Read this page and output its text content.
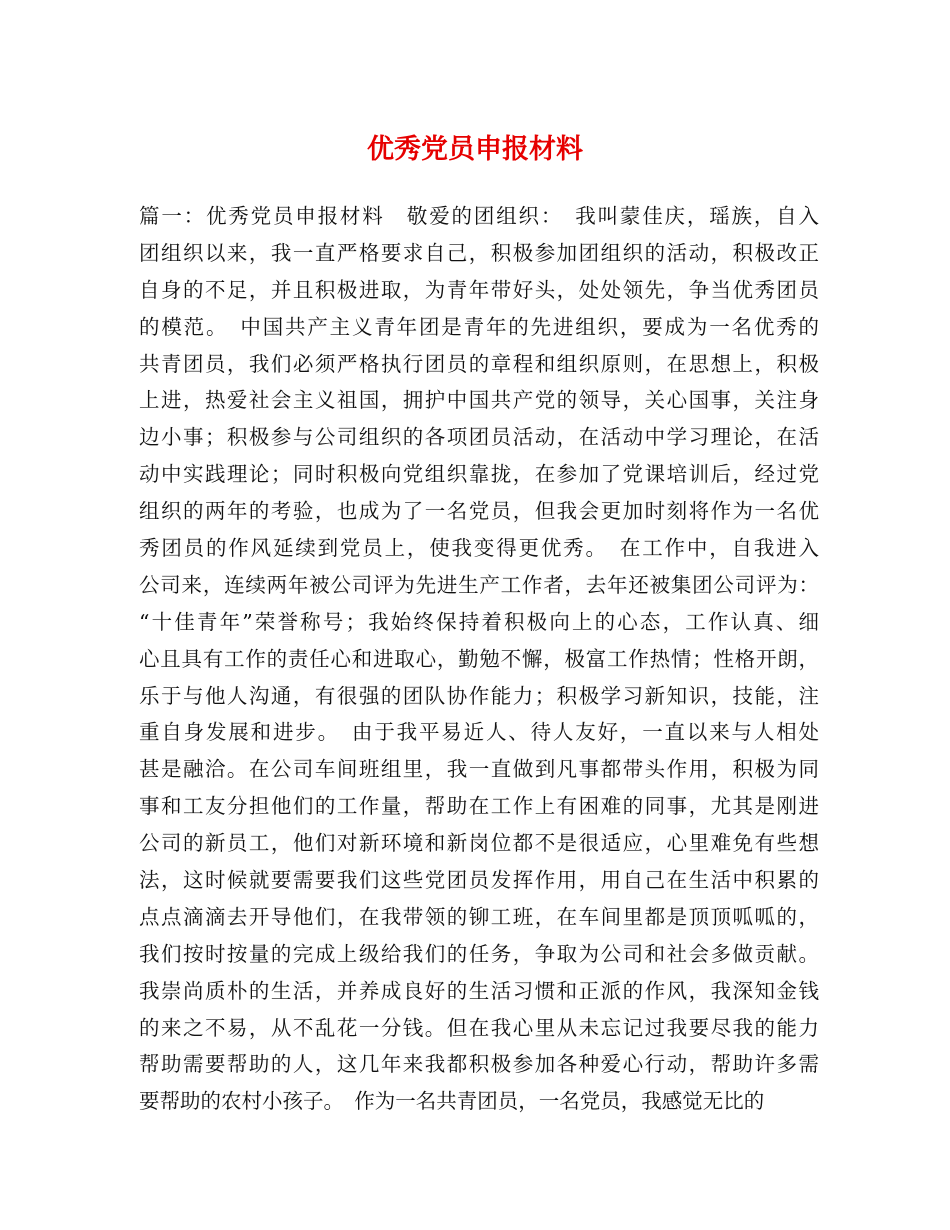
优秀党员申报材料
篇一：优秀党员申报材料　敬爱的团组织：　我叫蒙佳庆，瑶族，自入
团组织以来，我一直严格要求自己，积极参加团组织的活动，积极改正
自身的不足，并且积极进取，为青年带好头，处处领先，争当优秀团员
的模范。　中国共产主义青年团是青年的先进组织，要成为一名优秀的
共青团员，我们必须严格执行团员的章程和组织原则，在思想上，积极
上进，热爱社会主义祖国，拥护中国共产党的领导，关心国事，关注身
边小事；积极参与公司组织的各项团员活动，在活动中学习理论，在活
动中实践理论；同时积极向党组织靠拢，在参加了党课培训后，经过党
组织的两年的考验，也成为了一名党员，但我会更加时刻将作为一名优
秀团员的作风延续到党员上，使我变得更优秀。　在工作中，自我进入
公司来，连续两年被公司评为先进生产工作者，去年还被集团公司评为：
“十佳青年”荣誉称号；我始终保持着积极向上的心态，工作认真、细
心且具有工作的责任心和进取心，勤勉不懈，极富工作热情；性格开朗，
乐于与他人沟通，有很强的团队协作能力；积极学习新知识，技能，注
重自身发展和进步。　由于我平易近人、待人友好，一直以来与人相处
甚是融洽。在公司车间班组里，我一直做到凡事都带头作用，积极为同
事和工友分担他们的工作量，帮助在工作上有困难的同事，尤其是刚进
公司的新员工，他们对新环境和新岗位都不是很适应，心里难免有些想
法，这时候就要需要我们这些党团员发挥作用，用自己在生活中积累的
点点滴滴去开导他们，在我带领的铆工班，在车间里都是顶顶呱呱的，
我们按时按量的完成上级给我们的任务，争取为公司和社会多做贡献。
我崇尚质朴的生活，并养成良好的生活习惯和正派的作风，我深知金钱
的来之不易，从不乱花一分钱。但在我心里从未忘记过我要尽我的能力
帮助需要帮助的人，这几年来我都积极参加各种爱心行动，帮助许多需
要帮助的农村小孩子。　作为一名共青团员，一名党员，我感觉无比的
